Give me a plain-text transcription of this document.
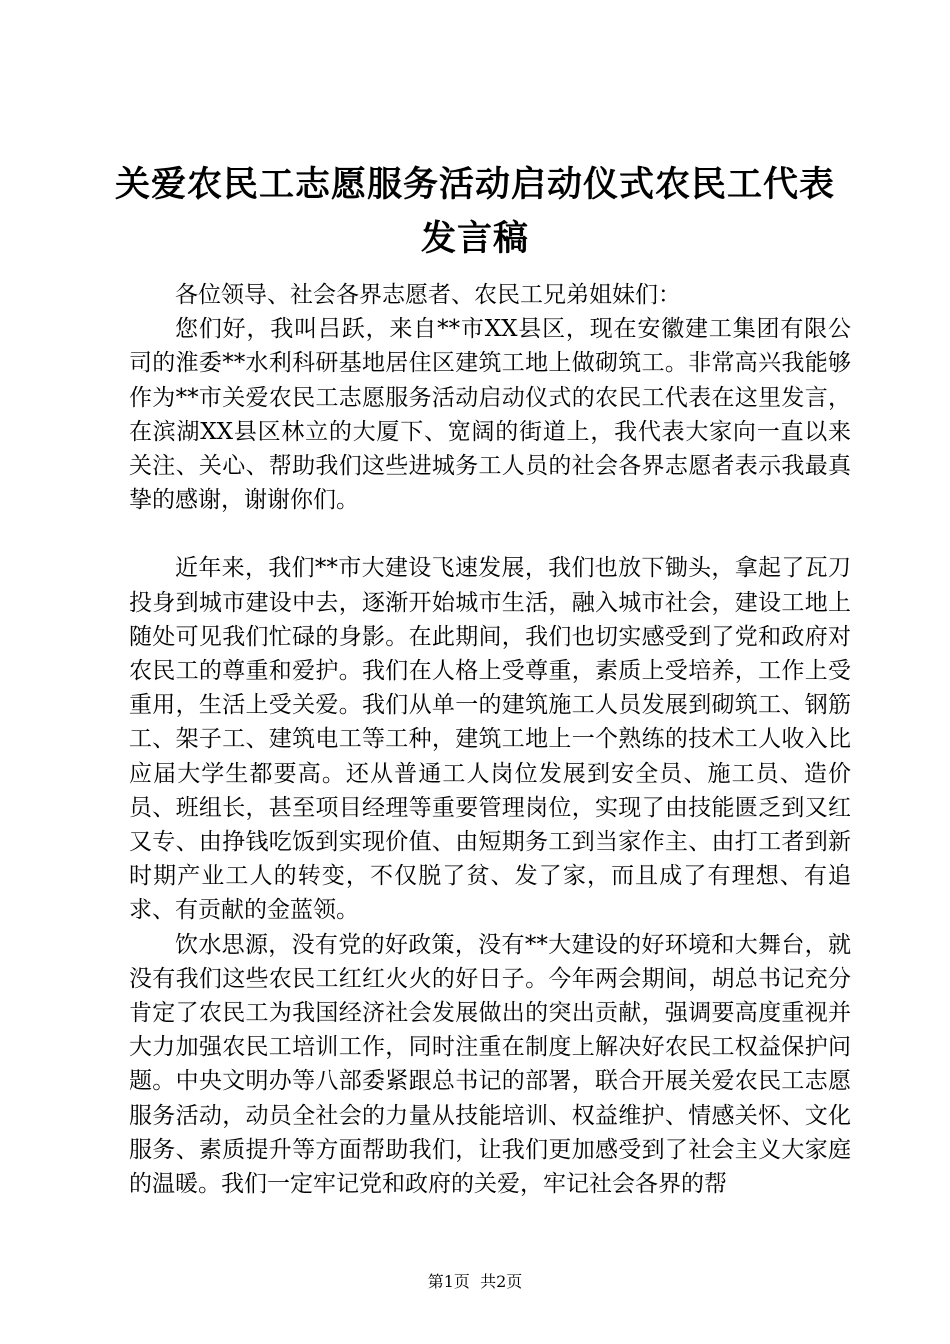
关爱农民工志愿服务活动启动仪式农民工代表发言稿

各位领导、社会各界志愿者、农民工兄弟姐妹们：

您们好，我叫吕跃，来自**市XX县区，现在安徽建工集团有限公司的淮委**水利科研基地居住区建筑工地上做砌筑工。非常高兴我能够作为**市关爱农民工志愿服务活动启动仪式的农民工代表在这里发言，在滨湖XX县区林立的大厦下、宽阔的街道上，我代表大家向一直以来关注、关心、帮助我们这些进城务工人员的社会各界志愿者表示我最真挚的感谢，谢谢你们。

近年来，我们**市大建设飞速发展，我们也放下锄头，拿起了瓦刀投身到城市建设中去，逐渐开始城市生活，融入城市社会，建设工地上随处可见我们忙碌的身影。在此期间，我们也切实感受到了党和政府对农民工的尊重和爱护。我们在人格上受尊重，素质上受培养，工作上受重用，生活上受关爱。我们从单一的建筑施工人员发展到砌筑工、钢筋工、架子工、建筑电工等工种，建筑工地上一个熟练的技术工人收入比应届大学生都要高。还从普通工人岗位发展到安全员、施工员、造价员、班组长，甚至项目经理等重要管理岗位，实现了由技能匮乏到又红又专、由挣钱吃饭到实现价值、由短期务工到当家作主、由打工者到新时期产业工人的转变，不仅脱了贫、发了家，而且成了有理想、有追求、有贡献的金蓝领。

饮水思源，没有党的好政策，没有**大建设的好环境和大舞台，就没有我们这些农民工红红火火的好日子。今年两会期间，胡总书记充分肯定了农民工为我国经济社会发展做出的突出贡献，强调要高度重视并大力加强农民工培训工作，同时注重在制度上解决好农民工权益保护问题。中央文明办等八部委紧跟总书记的部署，联合开展关爱农民工志愿服务活动，动员全社会的力量从技能培训、权益维护、情感关怀、文化服务、素质提升等方面帮助我们，让我们更加感受到了社会主义大家庭的温暖。我们一定牢记党和政府的关爱，牢记社会各界的帮

第1页  共2页
